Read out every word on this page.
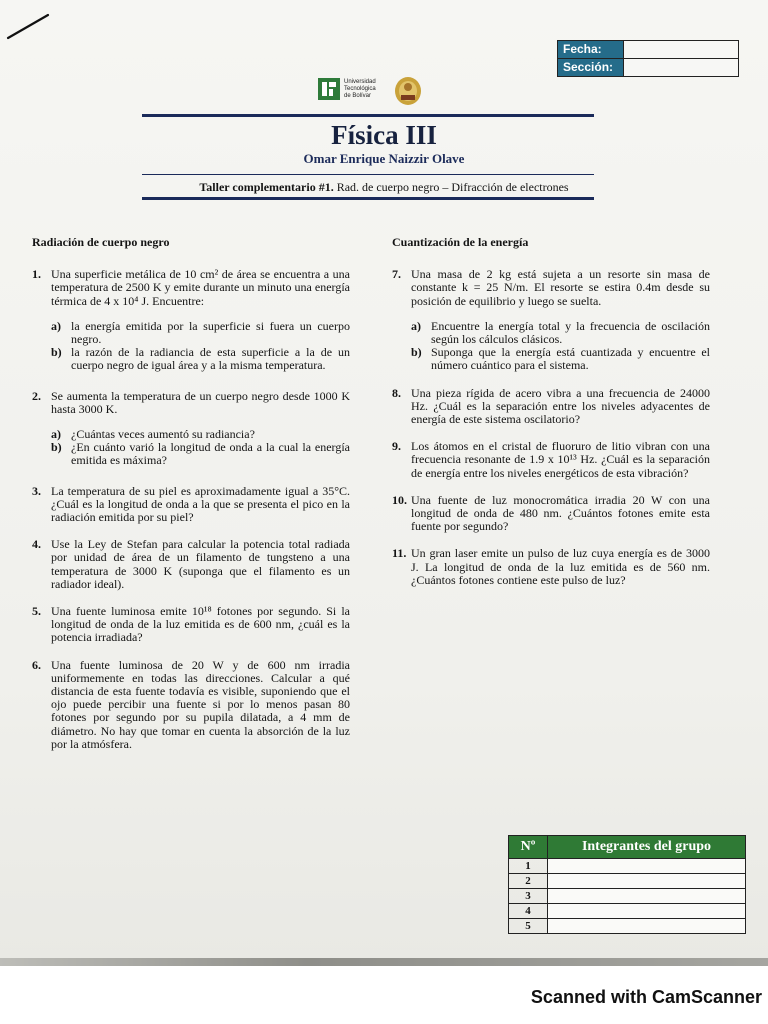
Fecha:
Sección:
Universidad
Tecnológica
de Bolívar
Física III
Omar Enrique Naizzir Olave
Taller complementario #1. Rad. de cuerpo negro – Difracción de electrones
Radiación de cuerpo negro
1. Una superficie metálica de 10 cm² de área se encuentra a una temperatura de 2500 K y emite durante un minuto una energía térmica de 4 x 10⁴ J. Encuentre:
a) la energía emitida por la superficie si fuera un cuerpo negro.
b) la razón de la radiancia de esta superficie a la de un cuerpo negro de igual área y a la misma temperatura.
2. Se aumenta la temperatura de un cuerpo negro desde 1000 K hasta 3000 K.
a) ¿Cuántas veces aumentó su radiancia?
b) ¿En cuánto varió la longitud de onda a la cual la energía emitida es máxima?
3. La temperatura de su piel es aproximadamente igual a 35°C. ¿Cuál es la longitud de onda a la que se presenta el pico en la radiación emitida por su piel?
4. Use la Ley de Stefan para calcular la potencia total radiada por unidad de área de un filamento de tungsteno a una temperatura de 3000 K (suponga que el filamento es un radiador ideal).
5. Una fuente luminosa emite 10¹⁸ fotones por segundo. Si la longitud de onda de la luz emitida es de 600 nm, ¿cuál es la potencia irradiada?
6. Una fuente luminosa de 20 W y de 600 nm irradia uniformemente en todas las direcciones. Calcular a qué distancia de esta fuente todavía es visible, suponiendo que el ojo puede percibir una fuente si por lo menos pasan 80 fotones por segundo por su pupila dilatada, a 4 mm de diámetro. No hay que tomar en cuenta la absorción de la luz por la atmósfera.
Cuantización de la energía
7. Una masa de 2 kg está sujeta a un resorte sin masa de constante k = 25 N/m. El resorte se estira 0.4m desde su posición de equilibrio y luego se suelta.
a) Encuentre la energía total y la frecuencia de oscilación según los cálculos clásicos.
b) Suponga que la energía está cuantizada y encuentre el número cuántico para el sistema.
8. Una pieza rígida de acero vibra a una frecuencia de 24000 Hz. ¿Cuál es la separación entre los niveles adyacentes de energía de este sistema oscilatorio?
9. Los átomos en el cristal de fluoruro de litio vibran con una frecuencia resonante de 1.9 x 10¹³ Hz. ¿Cuál es la separación de energía entre los niveles energéticos de esta vibración?
10. Una fuente de luz monocromática irradia 20 W con una longitud de onda de 480 nm. ¿Cuántos fotones emite esta fuente por segundo?
11. Un gran laser emite un pulso de luz cuya energía es de 3000 J. La longitud de onda de la luz emitida es de 560 nm. ¿Cuántos fotones contiene este pulso de luz?
Nº	Integrantes del grupo
1	
2	
3	
4	
5	
Scanned with CamScanner
